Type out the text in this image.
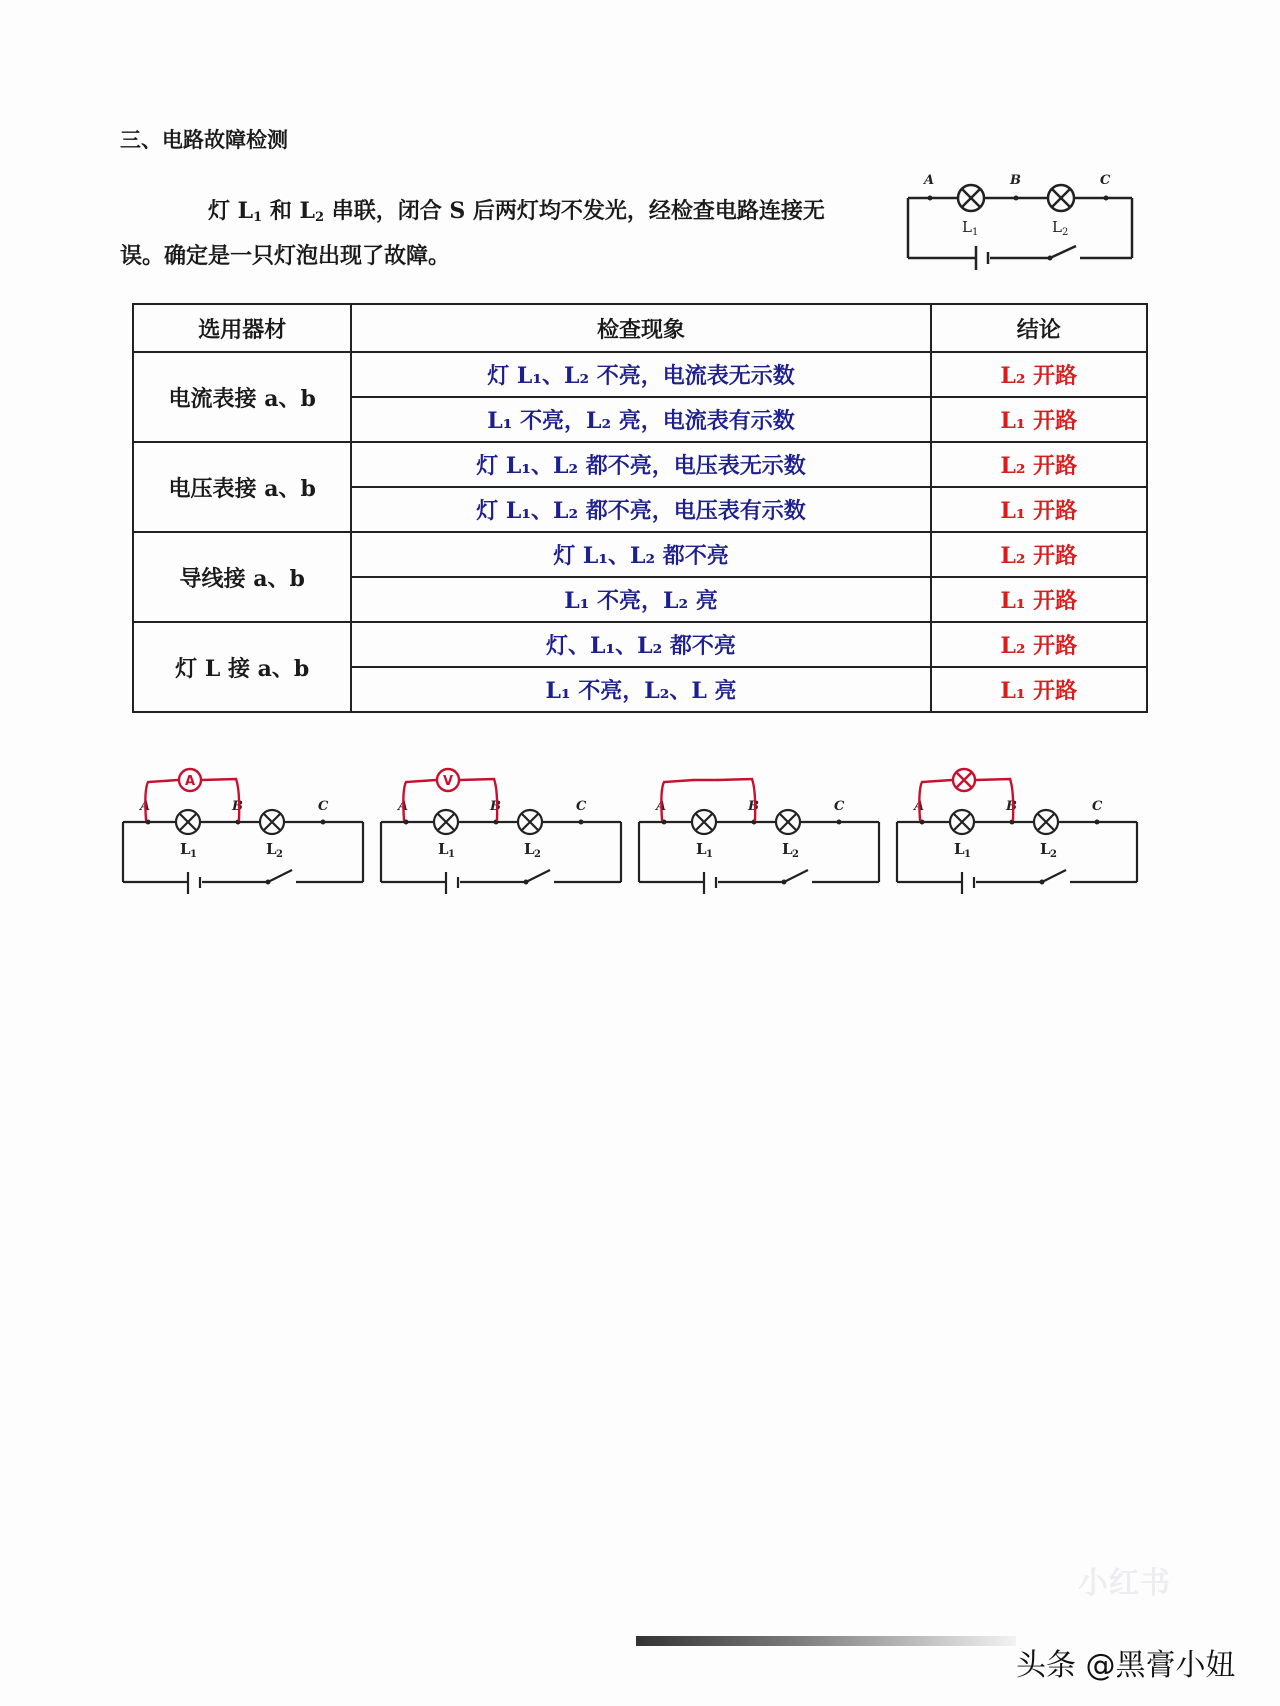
三、电路故障检测
灯 $L_1$ 和 $L_2$ 串联，闭合 S 后两灯均不发光，经检查电路连接无误。确定是一只灯泡出现了故障。
A	B	C
L 1	L 2
选用器材	检查现象	结论
电流表接 a、b	灯 L₁、L₂ 不亮，电流表无示数	L₂ 开路
	L₁ 不亮，L₂ 亮，电流表有示数	L₁ 开路
电压表接 a、b	灯 L₁、L₂ 都不亮，电压表无示数	L₂ 开路
	灯 L₁、L₂ 都不亮，电压表有示数	L₁ 开路
导线接 a、b	灯 L₁、L₂ 都不亮	L₂ 开路
	L₁ 不亮，L₂ 亮	L₁ 开路
灯 L 接 a、b	灯、L₁、L₂ 都不亮	L₂ 开路
	L₁ 不亮，L₂、L 亮	L₁ 开路
A	B	C
L 1	L 2
A
A	B	C
L 1	L 2
V
A	B	C
L 1	L 2
A	B	C
L 1	L 2
小红书
头条 @黑膏小妞
